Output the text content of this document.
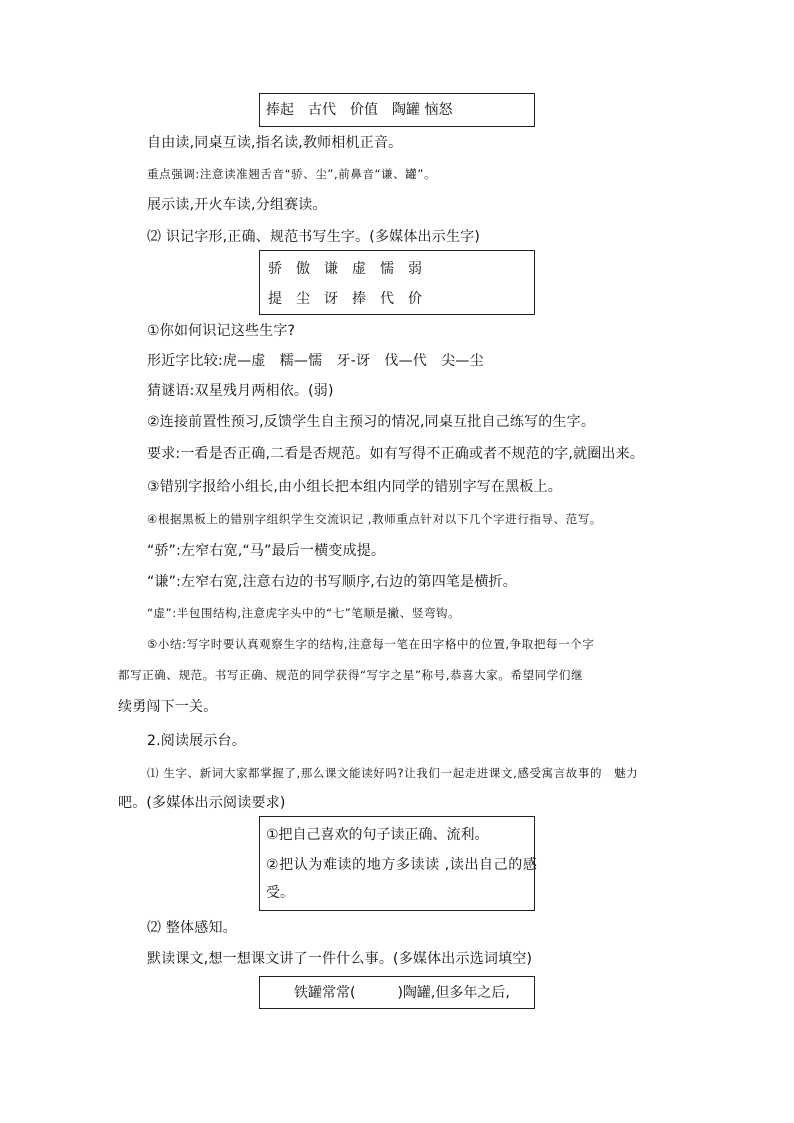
捧起　古代　价值　陶罐 恼怒
自由读,同桌互读,指名读,教师相机正音。
重点强调:注意读准翘舌音“骄、尘”,前鼻音“谦、罐”。
展示读,开火车读,分组赛读。
⑵ 识记字形,正确、规范书写生字。(多媒体出示生字)
骄 傲 谦 虚 懦 弱
提 尘 讶 捧 代 价
①你如何识记这些生字?
形近字比较:虎—虚　糯—懦　牙-讶　伐—代　尖—尘
猜谜语:双星残月两相依。(弱)
②连接前置性预习,反馈学生自主预习的情况,同桌互批自己练写的生字。
要求:一看是否正确,二看是否规范。如有写得不正确或者不规范的字,就圈出来。
③错别字报给小组长,由小组长把本组内同学的错别字写在黑板上。
④根据黑板上的错别字组织学生交流识记 ,教师重点针对以下几个字进行指导、范写。
“骄”:左窄右宽,“马”最后一横变成提。
“谦”:左窄右宽,注意右边的书写顺序,右边的第四笔是横折。
“虚”:半包围结构,注意虎字头中的“七”笔顺是撇、竖弯钩。
⑤小结:写字时要认真观察生字的结构,注意每一笔在田字格中的位置,争取把每一个字
都写正确、规范。书写正确、规范的同学获得“写字之星”称号,恭喜大家。希望同学们继
续勇闯下一关。
2.阅读展示台。
⑴ 生字、新词大家都掌握了,那么课文能读好吗?让我们一起走进课文,感受寓言故事的　魅力
吧。(多媒体出示阅读要求)
①把自己喜欢的句子读正确、流利。
②把认为难读的地方多读读 ,读出自己的感
受。
⑵ 整体感知。
默读课文,想一想课文讲了一件什么事。(多媒体出示选词填空)
铁罐常常(　　　)陶罐,但多年之后,
